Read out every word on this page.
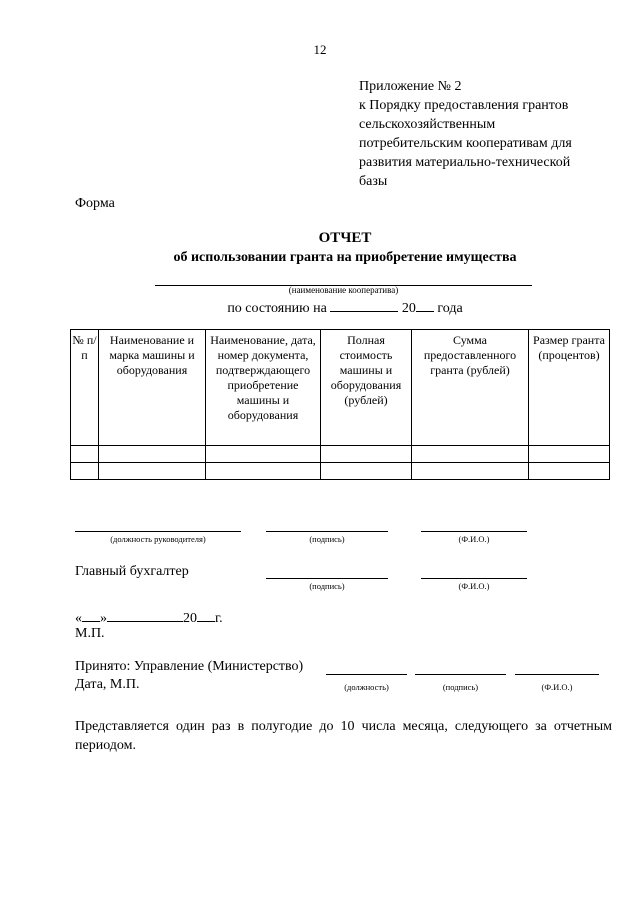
12
Приложение № 2
к Порядку предоставления грантов
сельскохозяйственным
потребительским кооперативам для
развития материально-технической
базы
Форма
ОТЧЕТ
об использовании гранта на приобретение имущества
(наименование кооператива)
по состоянию на	20 года
№ п/п	Наименование и марка машины и оборудования	Наименование, дата, номер документа, подтверждающего приобретение машины и оборудования	Полная стоимость машины и оборудования (рублей)	Сумма предоставленного гранта (рублей)	Размер гранта (процентов)

(должность руководителя)	(подпись)	(Ф.И.О.)
Главный бухгалтер
(подпись)	(Ф.И.О.)
« »	20 г.
М.П.
Принято: Управление (Министерство)
Дата, М.П.	(должность)	(подпись)	(Ф.И.О.)
Представляется один раз в полугодие до 10 числа месяца, следующего за отчетным периодом.
